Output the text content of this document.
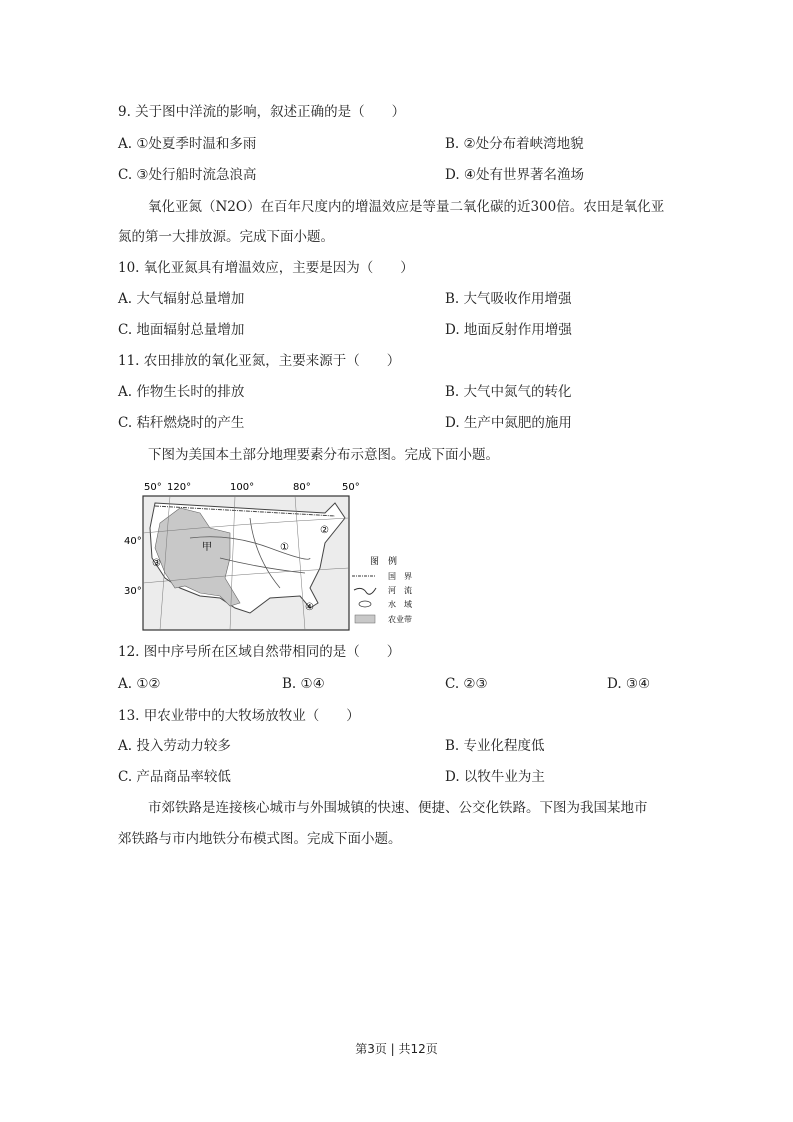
9. 关于图中洋流的影响，叙述正确的是（　　）
A. ①处夏季时温和多雨	B. ②处分布着峡湾地貌
C. ③处行船时流急浪高	D. ④处有世界著名渔场
氧化亚氮（N2O）在百年尺度内的增温效应是等量二氧化碳的近300倍。农田是氧化亚
氮的第一大排放源。完成下面小题。
10. 氧化亚氮具有增温效应，主要是因为（　　）
A. 大气辐射总量增加	B. 大气吸收作用增强
C. 地面辐射总量增加	D. 地面反射作用增强
11. 农田排放的氧化亚氮，主要来源于（　　）
A. 作物生长时的排放	B. 大气中氮气的转化
C. 秸秆燃烧时的产生	D. 生产中氮肥的施用
下图为美国本土部分地理要素分布示意图。完成下面小题。
50° 120°	100°	80°	50°
40°
30°
甲	①
②
③
④
图　例
国　界
河　流
水　域
农业带
12. 图中序号所在区域自然带相同的是（　　）
A. ①②	B. ①④	C. ②③	D. ③④
13. 甲农业带中的大牧场放牧业（　　）
A. 投入劳动力较多	B. 专业化程度低
C. 产品商品率较低	D. 以牧牛业为主
市郊铁路是连接核心城市与外围城镇的快速、便捷、公交化铁路。下图为我国某地市
郊铁路与市内地铁分布模式图。完成下面小题。
第3页 | 共12页
